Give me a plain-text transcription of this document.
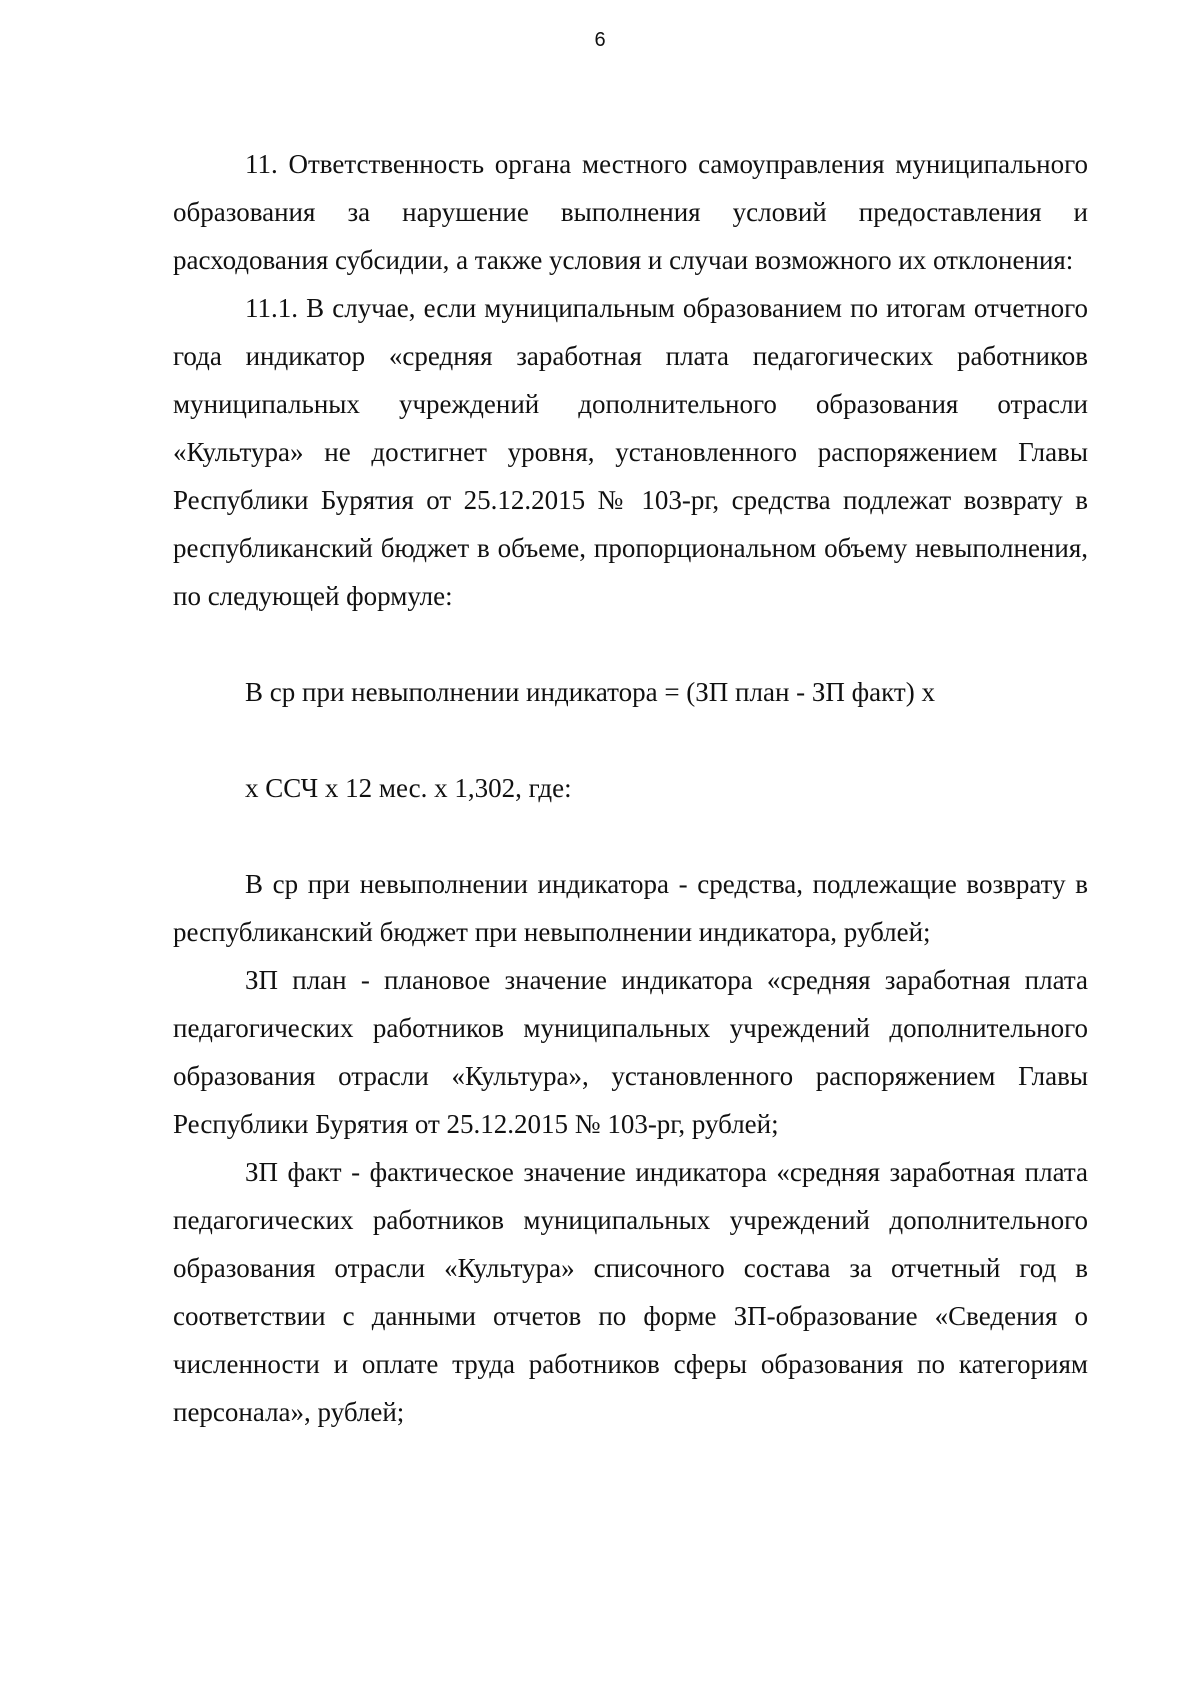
6

11. Ответственность органа местного самоуправления муниципального образования за нарушение выполнения условий предоставления и расходования субсидии, а также условия и случаи возможного их отклонения:

11.1. В случае, если муниципальным образованием по итогам отчетного года индикатор «средняя заработная плата педагогических работников муниципальных учреждений дополнительного образования отрасли «Культура» не достигнет уровня, установленного распоряжением Главы Республики Бурятия от 25.12.2015 № 103-рг, средства подлежат возврату в республиканский бюджет в объеме, пропорциональном объему невыполнения, по следующей формуле:

В ср при невыполнении индикатора = (ЗП план - ЗП факт) х

х ССЧ х 12 мес. х 1,302, где:

В ср при невыполнении индикатора - средства, подлежащие возврату в республиканский бюджет при невыполнении индикатора, рублей;

ЗП план - плановое значение индикатора «средняя заработная плата педагогических работников муниципальных учреждений дополнительного образования отрасли «Культура», установленного распоряжением Главы Республики Бурятия от 25.12.2015 № 103-рг, рублей;

ЗП факт - фактическое значение индикатора «средняя заработная плата педагогических работников муниципальных учреждений дополнительного образования отрасли «Культура» списочного состава за отчетный год в соответствии с данными отчетов по форме ЗП-образование «Сведения о численности и оплате труда работников сферы образования по категориям персонала», рублей;
